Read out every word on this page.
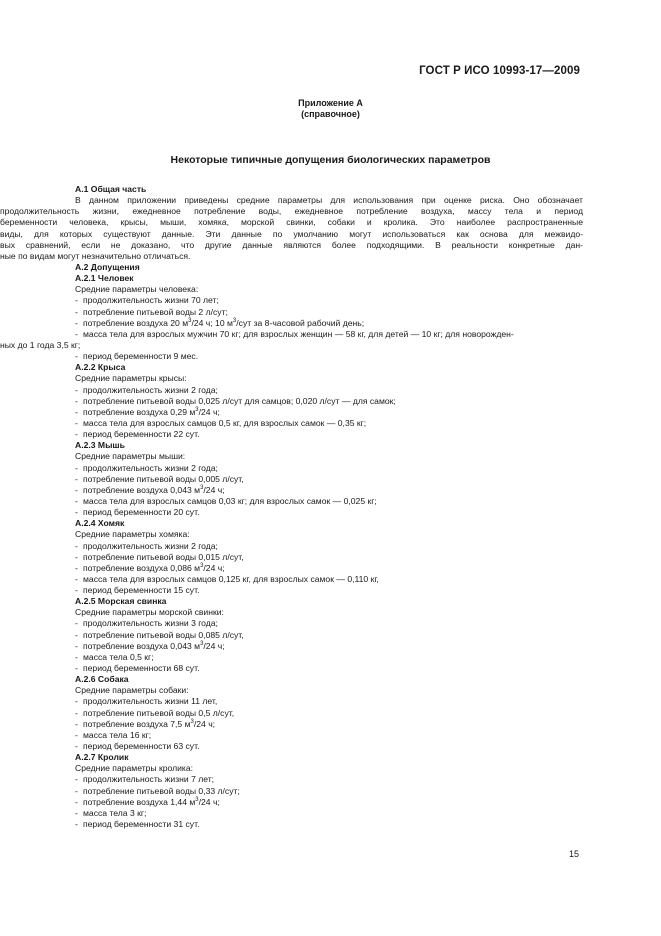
ГОСТ Р ИСО 10993-17—2009
Приложение А
(справочное)
Некоторые типичные допущения биологических параметров
А.1 Общая часть
В данном приложении приведены средние параметры для использования при оценке риска. Оно обозначает
продолжительность жизни, ежедневное потребление воды, ежедневное потребление воздуха, массу тела и период
беременности человека, крысы, мыши, хомяка, морской свинки, собаки и кролика. Это наиболее распространенные
виды, для которых существуют данные. Эти данные по умолчанию могут использоваться как основа для межвидо-
вых сравнений, если не доказано, что другие данные являются более подходящими. В реальности конкретные дан-
ные по видам могут незначительно отличаться.
А.2 Допущения
А.2.1 Человек
Средние параметры человека:
- продолжительность жизни 70 лет;
- потребление питьевой воды 2 л/сут;
- потребление воздуха 20 $м^3/24$ ч; 10 $м^3$/сут за 8-часовой рабочий день;
- масса тела для взрослых мужчин 70 кг; для взрослых женщин — 58 кг, для детей — 10 кг; для новорожден-
ных до 1 года 3,5 кг;
- период беременности 9 мес.
А.2.2 Крыса
Средние параметры крысы:
- продолжительность жизни 2 года;
- потребление питьевой воды 0,025 л/сут для самцов; 0,020 л/сут — для самок;
- потребление воздуха 0,29 $м^3/24$ ч;
- масса тела для взрослых самцов 0,5 кг, для взрослых самок — 0,35 кг;
- период беременности 22 сут.
А.2.3 Мышь
Средние параметры мыши:
- продолжительность жизни 2 года;
- потребление питьевой воды 0,005 л/сут,
- потребление воздуха 0,043 $м^3/24$ ч;
- масса тела для взрослых самцов 0,03 кг; для взрослых самок — 0,025 кг;
- период беременности 20 сут.
А.2.4 Хомяк
Средние параметры хомяка:
- продолжительность жизни 2 года;
- потребление питьевой воды 0,015 л/сут,
- потребление воздуха 0,086 $м^3/24$ ч;
- масса тела для взрослых самцов 0,125 кг, для взрослых самок — 0,110 кг,
- период беременности 15 сут.
А.2.5 Морская свинка
Средние параметры морской свинки:
- продолжительность жизни 3 года;
- потребление питьевой воды 0,085 л/сут,
- потребление воздуха 0,043 $м^3/24$ ч;
- масса тела 0,5 кг;
- период беременности 68 сут.
А.2.6 Собака
Средние параметры собаки:
- продолжительность жизни 11 лет,
- потребление питьевой воды 0,5 л/сут,
- потребление воздуха 7,5 $м^3/24$ ч;
- масса тела 16 кг;
- период беременности 63 сут.
А.2.7 Кролик
Средние параметры кролика:
- продолжительность жизни 7 лет;
- потребление питьевой воды 0,33 л/сут;
- потребление воздуха 1,44 $м^3/24$ ч;
- масса тела 3 кг;
- период беременности 31 сут.
15
